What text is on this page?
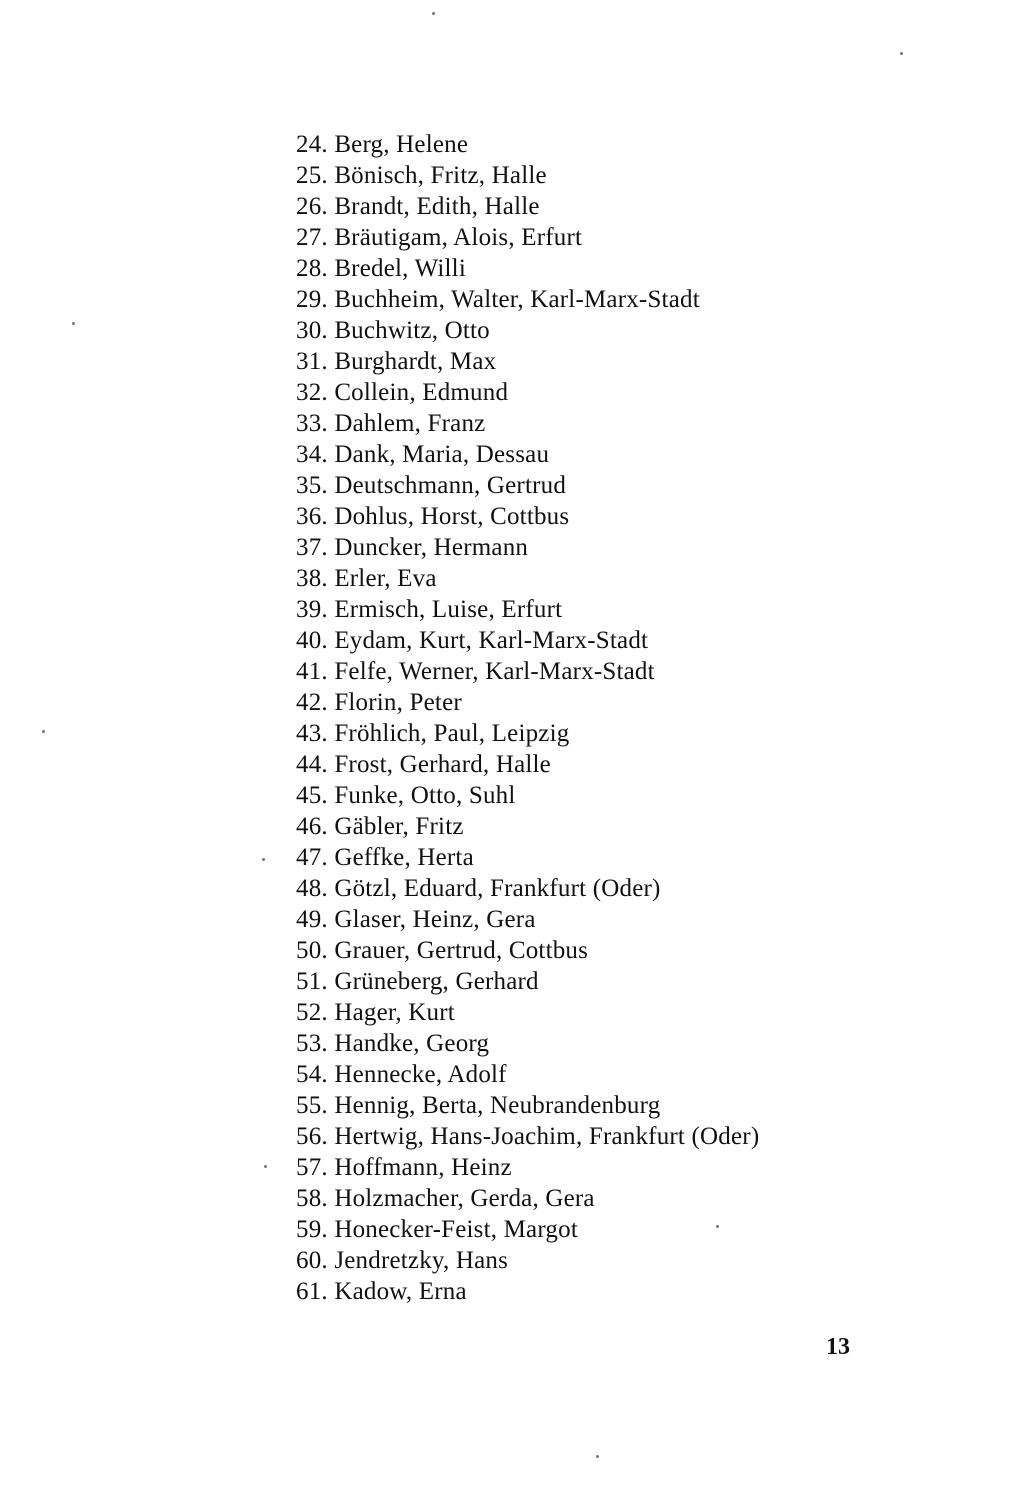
24. Berg, Helene
25. Bönisch, Fritz, Halle
26. Brandt, Edith, Halle
27. Bräutigam, Alois, Erfurt
28. Bredel, Willi
29. Buchheim, Walter, Karl-Marx-Stadt
30. Buchwitz, Otto
31. Burghardt, Max
32. Collein, Edmund
33. Dahlem, Franz
34. Dank, Maria, Dessau
35. Deutschmann, Gertrud
36. Dohlus, Horst, Cottbus
37. Duncker, Hermann
38. Erler, Eva
39. Ermisch, Luise, Erfurt
40. Eydam, Kurt, Karl-Marx-Stadt
41. Felfe, Werner, Karl-Marx-Stadt
42. Florin, Peter
43. Fröhlich, Paul, Leipzig
44. Frost, Gerhard, Halle
45. Funke, Otto, Suhl
46. Gäbler, Fritz
47. Geffke, Herta
48. Götzl, Eduard, Frankfurt (Oder)
49. Glaser, Heinz, Gera
50. Grauer, Gertrud, Cottbus
51. Grüneberg, Gerhard
52. Hager, Kurt
53. Handke, Georg
54. Hennecke, Adolf
55. Hennig, Berta, Neubrandenburg
56. Hertwig, Hans-Joachim, Frankfurt (Oder)
57. Hoffmann, Heinz
58. Holzmacher, Gerda, Gera
59. Honecker-Feist, Margot
60. Jendretzky, Hans
61. Kadow, Erna
13
